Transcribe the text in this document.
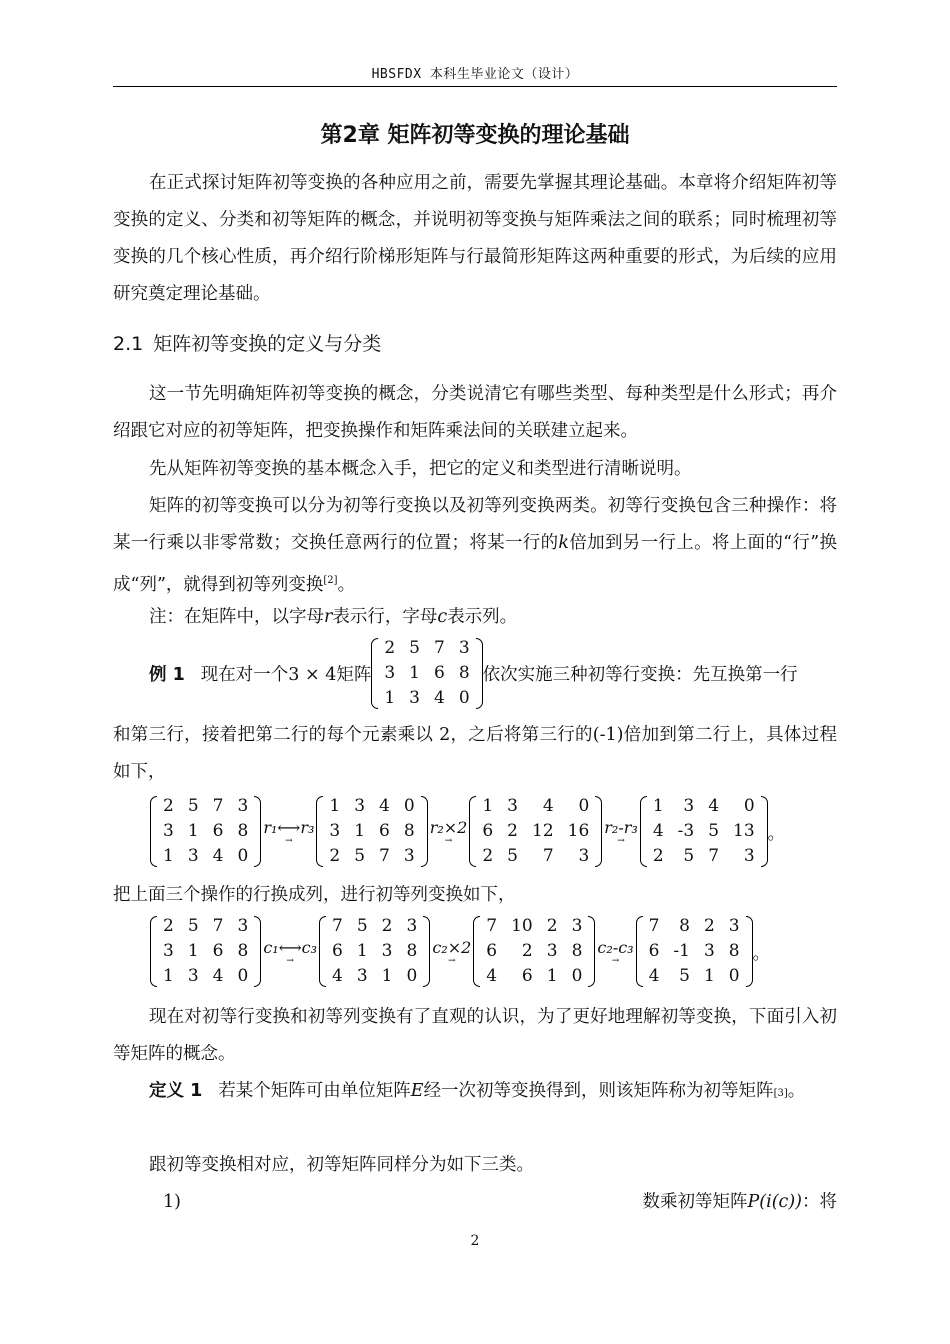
HBSFDX 本科生毕业论文（设计）
第2章 矩阵初等变换的理论基础
在正式探讨矩阵初等变换的各种应用之前，需要先掌握其理论基础。本章将介绍矩阵初等变换的定义、分类和初等矩阵的概念，并说明初等变换与矩阵乘法之间的联系；同时梳理初等变换的几个核心性质，再介绍行阶梯形矩阵与行最简形矩阵这两种重要的形式，为后续的应用研究奠定理论基础。
2.1 矩阵初等变换的定义与分类
这一节先明确矩阵初等变换的概念，分类说清它有哪些类型、每种类型是什么形式；再介绍跟它对应的初等矩阵，把变换操作和矩阵乘法间的关联建立起来。
先从矩阵初等变换的基本概念入手，把它的定义和类型进行清晰说明。
矩阵的初等变换可以分为初等行变换以及初等列变换两类。初等行变换包含三种操作：将某一行乘以非零常数；交换任意两行的位置；将某一行的k倍加到另一行上。将上面的“行”换成“列”，就得到初等列变换[2]。
注：在矩阵中，以字母r表示行，字母c表示列。
例 1 现在对一个3 × 4矩阵
2	5	7	3
3	1	6	8
1	3	4	0
依次实施三种初等行变换：先互换第一行
和第三行，接着把第二行的每个元素乘以 2，之后将第三行的(-1)倍加到第二行上，具体过程如下，
2	5	7	3
3	1	6	8
1	3	4	0
r₁⟷r₃
→
1	3	4	0
3	1	6	8
2	5	7	3
r₂×2
→
1	3	4	0
6	2	12	16
2	5	7	3
r₂-r₃
→
1	3	4	0
4	-3	5	13
2	5	7	3
。
把上面三个操作的行换成列，进行初等列变换如下，
2	5	7	3
3	1	6	8
1	3	4	0
c₁⟷c₃
→
7	5	2	3
6	1	3	8
4	3	1	0
c₂×2
→
7	10	2	3
6	2	3	8
4	6	1	0
c₂-c₃
→
7	8	2	3
6	-1	3	8
4	5	1	0
。
现在对初等行变换和初等列变换有了直观的认识，为了更好地理解初等变换，下面引入初等矩阵的概念。
定义 1 若某个矩阵可由单位矩阵E经一次初等变换得到，则该矩阵称为初等矩阵[3]。
跟初等变换相对应，初等矩阵同样分为如下三类。
1)	数乘初等矩阵P(i(c))：将
2
